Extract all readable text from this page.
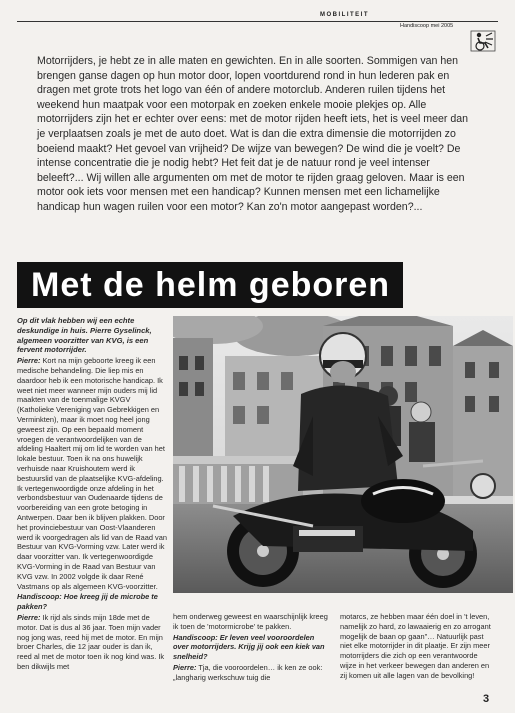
MOBILITEIT
Handiscoop mei 2005

Motorrijders, je hebt ze in alle maten en gewichten. En in alle soorten. Sommigen van hen brengen ganse dagen op hun motor door, lopen voortdurend rond in hun lederen pak en dragen met grote trots het logo van één of andere motorclub. Anderen ruilen tijdens het weekend hun maatpak voor een motorpak en zoeken enkele mooie plekjes op. Alle motorrijders zijn het er echter over eens: met de motor rijden heeft iets, het is veel meer dan je verplaatsen zoals je met de auto doet. Wat is dan die extra dimensie die motorrijden zo boeiend maakt? Het gevoel van vrijheid? De wijze van bewegen? De wind die je voelt? De intense concentratie die je nodig hebt? Het feit dat je de natuur rond je veel intenser beleeft?... Wij willen alle argumenten om met de motor te rijden graag geloven. Maar is een motor ook iets voor mensen met een handicap? Kunnen mensen met een lichamelijke handicap hun wagen ruilen voor een motor? Kan zo'n motor aangepast worden?...

Met de helm geboren

Op dit vlak hebben wij een echte deskundige in huis. Pierre Gyselinck, algemeen voorzitter van KVG, is een fervent motorrijder.

Pierre: Kort na mijn geboorte kreeg ik een medische behandeling. Die liep mis en daardoor heb ik een motorische handicap. Ik weet niet meer wanneer mijn ouders mij lid maakten van de toenmalige KVGV (Katholieke Vereniging van Gebrekkigen en Verminkten), maar ik moet nog heel jong geweest zijn. Op een bepaald moment vroegen de verantwoordelijken van de afdeling Haaltert mij om lid te worden van het lokale bestuur. Toen ik na ons huwelijk verhuisde naar Kruishoutem werd ik bestuurslid van de plaatselijke KVG-afdeling. Ik vertegenwoordigde onze afdeling in het verbondsbestuur van Oudenaarde tijdens de voorbereiding van een grote betoging in Antwerpen. Daar ben ik blijven plakken. Door het provinciebestuur van Oost-Vlaanderen werd ik voorgedragen als lid van de Raad van Bestuur van KVG-Vorming vzw. Later werd ik daar voorzitter van. Ik vertegenwoordigde KVG-Vorming in de Raad van Bestuur van KVG vzw. In 2002 volgde ik daar René Vastmans op als algemeen KVG-voorzitter.

Handiscoop: Hoe kreeg jij de microbe te pakken?

Pierre: Ik rijd als sinds mijn 18de met de motor. Dat is dus al 36 jaar. Toen mijn vader nog jong was, reed hij met de motor. En mijn broer Charles, die 12 jaar ouder is dan ik, reed al met de motor toen ik nog kind was. Ik ben dikwijls met

hem onderweg geweest en waarschijnlijk kreeg ik toen de 'motormicrobe' te pakken.

Handiscoop: Er leven veel vooroordelen over motorrijders. Krijg jij ook een kiek van snelheid?

Pierre: Tja, die vooroordelen… ik ken ze ook: „langharig werkschuw tuig die

motarcs, ze hebben maar één doel in 't leven, namelijk zo hard, zo lawaaierig en zo arrogant mogelijk de baan op gaan"… Natuurlijk past niet elke motorrijder in dit plaatje. Er zijn meer motorrijders die zich op een verantwoorde wijze in het verkeer bewegen dan anderen en zij komen uit alle lagen van de bevolking!

3
